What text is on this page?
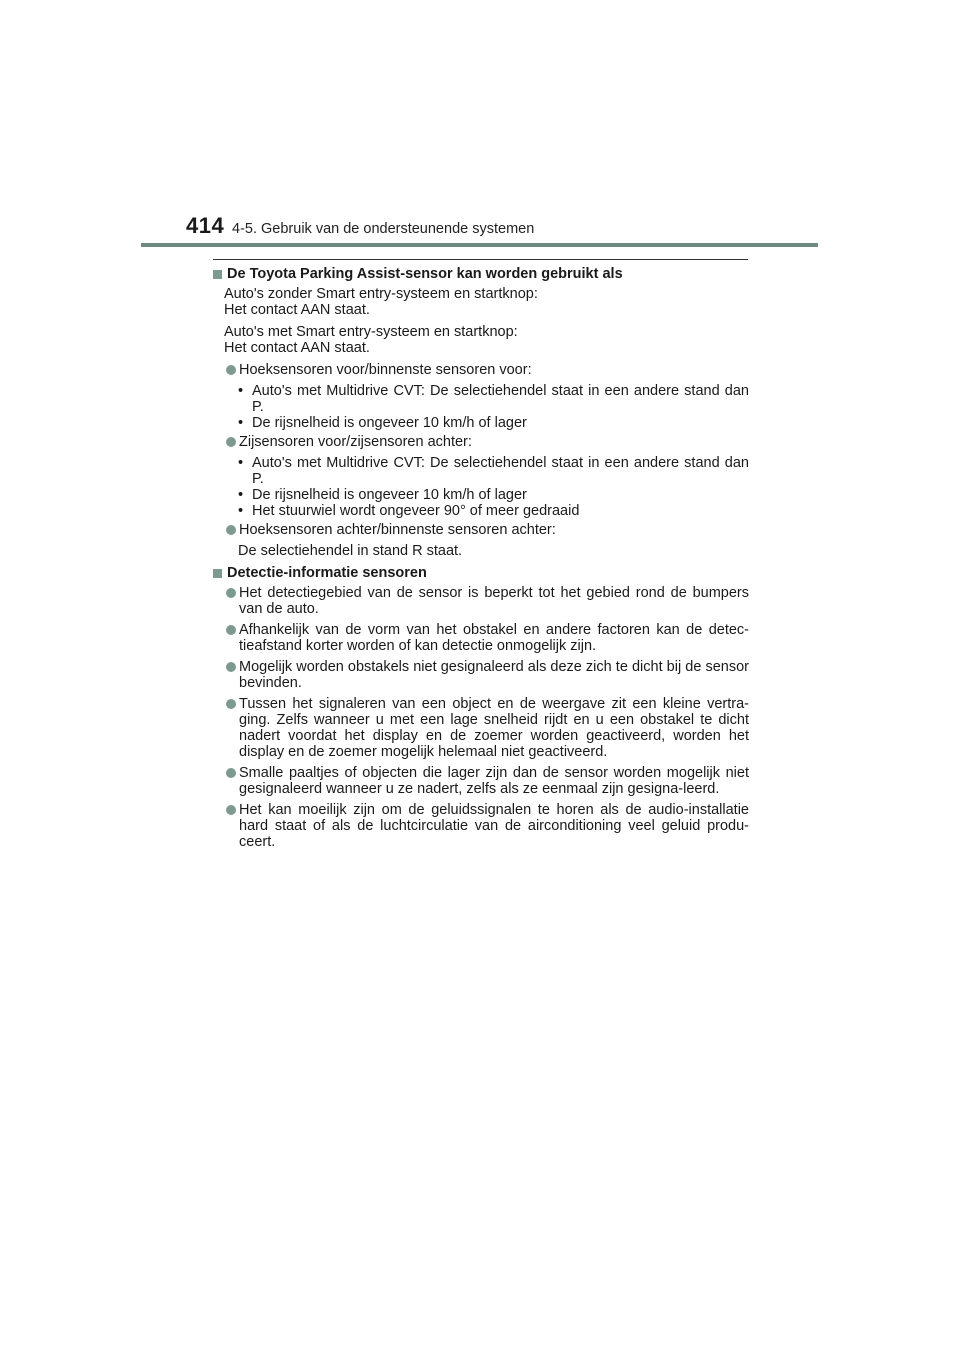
414 4-5. Gebruik van de ondersteunende systemen
De Toyota Parking Assist-sensor kan worden gebruikt als
Auto's zonder Smart entry-systeem en startknop:
Het contact AAN staat.
Auto's met Smart entry-systeem en startknop:
Het contact AAN staat.
Hoeksensoren voor/binnenste sensoren voor:
• Auto's met Multidrive CVT: De selectiehendel staat in een andere stand dan P.
• De rijsnelheid is ongeveer 10 km/h of lager
Zijsensoren voor/zijsensoren achter:
• Auto's met Multidrive CVT: De selectiehendel staat in een andere stand dan P.
• De rijsnelheid is ongeveer 10 km/h of lager
• Het stuurwiel wordt ongeveer 90° of meer gedraaid
Hoeksensoren achter/binnenste sensoren achter:
De selectiehendel in stand R staat.
Detectie-informatie sensoren
Het detectiegebied van de sensor is beperkt tot het gebied rond de bumpers van de auto.
Afhankelijk van de vorm van het obstakel en andere factoren kan de detec-tieafstand korter worden of kan detectie onmogelijk zijn.
Mogelijk worden obstakels niet gesignaleerd als deze zich te dicht bij de sensor bevinden.
Tussen het signaleren van een object en de weergave zit een kleine vertra-ging. Zelfs wanneer u met een lage snelheid rijdt en u een obstakel te dicht nadert voordat het display en de zoemer worden geactiveerd, worden het display en de zoemer mogelijk helemaal niet geactiveerd.
Smalle paaltjes of objecten die lager zijn dan de sensor worden mogelijk niet gesignaleerd wanneer u ze nadert, zelfs als ze eenmaal zijn gesigna-leerd.
Het kan moeilijk zijn om de geluidssignalen te horen als de audio-installatie hard staat of als de luchtcirculatie van de airconditioning veel geluid produ-ceert.
